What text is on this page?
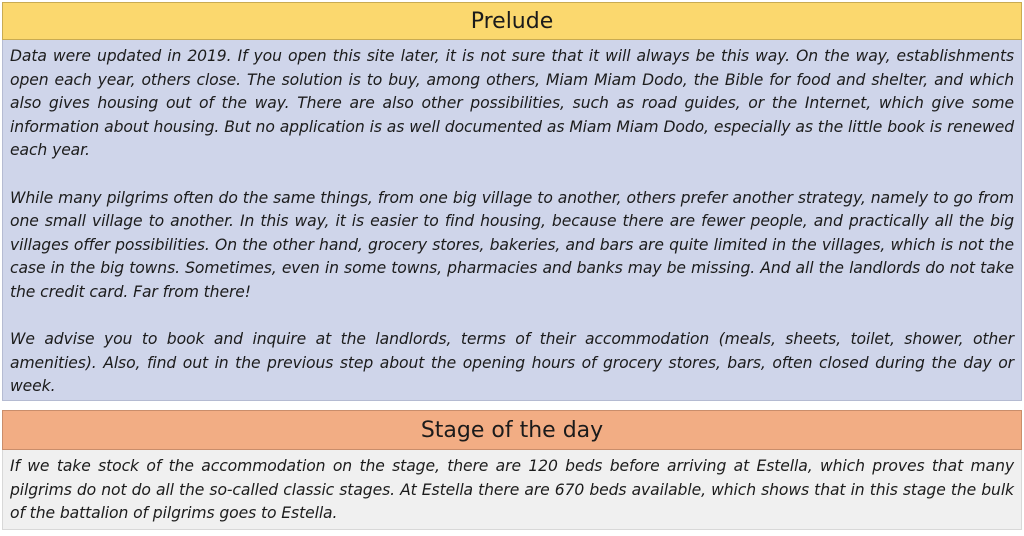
Prelude

Data were updated in 2019. If you open this site later, it is not sure that it will always be this way. On the way, establishments open each year, others close. The solution is to buy, among others, Miam Miam Dodo, the Bible for food and shelter, and which also gives housing out of the way. There are also other possibilities, such as road guides, or the Internet, which give some information about housing. But no application is as well documented as Miam Miam Dodo, especially as the little book is renewed each year.

While many pilgrims often do the same things, from one big village to another, others prefer another strategy, namely to go from one small village to another. In this way, it is easier to find housing, because there are fewer people, and practically all the big villages offer possibilities. On the other hand, grocery stores, bakeries, and bars are quite limited in the villages, which is not the case in the big towns. Sometimes, even in some towns, pharmacies and banks may be missing. And all the landlords do not take the credit card. Far from there!

We advise you to book and inquire at the landlords, terms of their accommodation (meals, sheets, toilet, shower, other amenities). Also, find out in the previous step about the opening hours of grocery stores, bars, often closed during the day or week.

Stage of the day

If we take stock of the accommodation on the stage, there are 120 beds before arriving at Estella, which proves that many pilgrims do not do all the so-called classic stages. At Estella there are 670 beds available, which shows that in this stage the bulk of the battalion of pilgrims goes to Estella.
